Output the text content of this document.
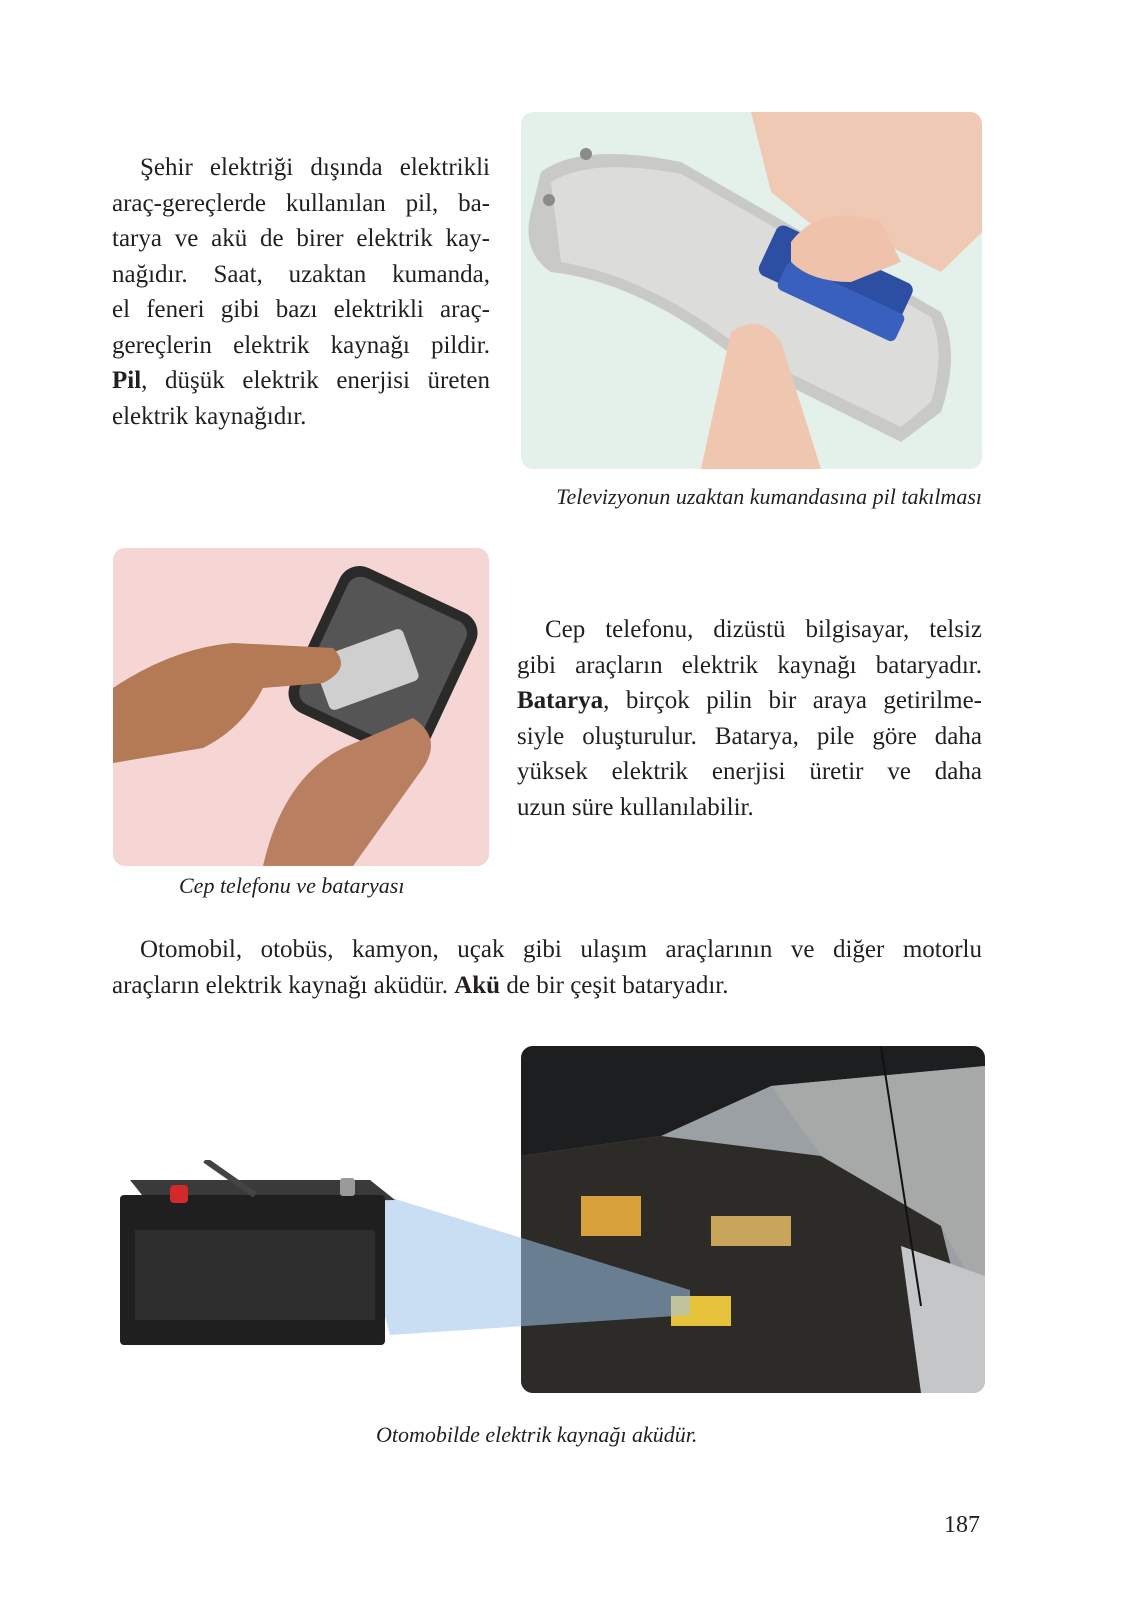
Şehir elektriği dışında elektrikli
araç-gereçlerde kullanılan pil, ba-
tarya ve akü de birer elektrik kay-
nağıdır. Saat, uzaktan kumanda,
el feneri gibi bazı elektrikli araç-
gereçlerin elektrik kaynağı pildir.
Pil, düşük elektrik enerjisi üreten
elektrik kaynağıdır.
Televizyonun uzaktan kumandasına pil takılması
Cep telefonu ve bataryası
Cep telefonu, dizüstü bilgisayar, telsiz
gibi araçların elektrik kaynağı bataryadır.
Batarya, birçok pilin bir araya getirilme-
siyle oluşturulur. Batarya, pile göre daha
yüksek elektrik enerjisi üretir ve daha
uzun süre kullanılabilir.
Otomobil, otobüs, kamyon, uçak gibi ulaşım araçlarının ve diğer motorlu
araçların elektrik kaynağı aküdür. Akü de bir çeşit bataryadır.
Otomobilde elektrik kaynağı aküdür.
187
